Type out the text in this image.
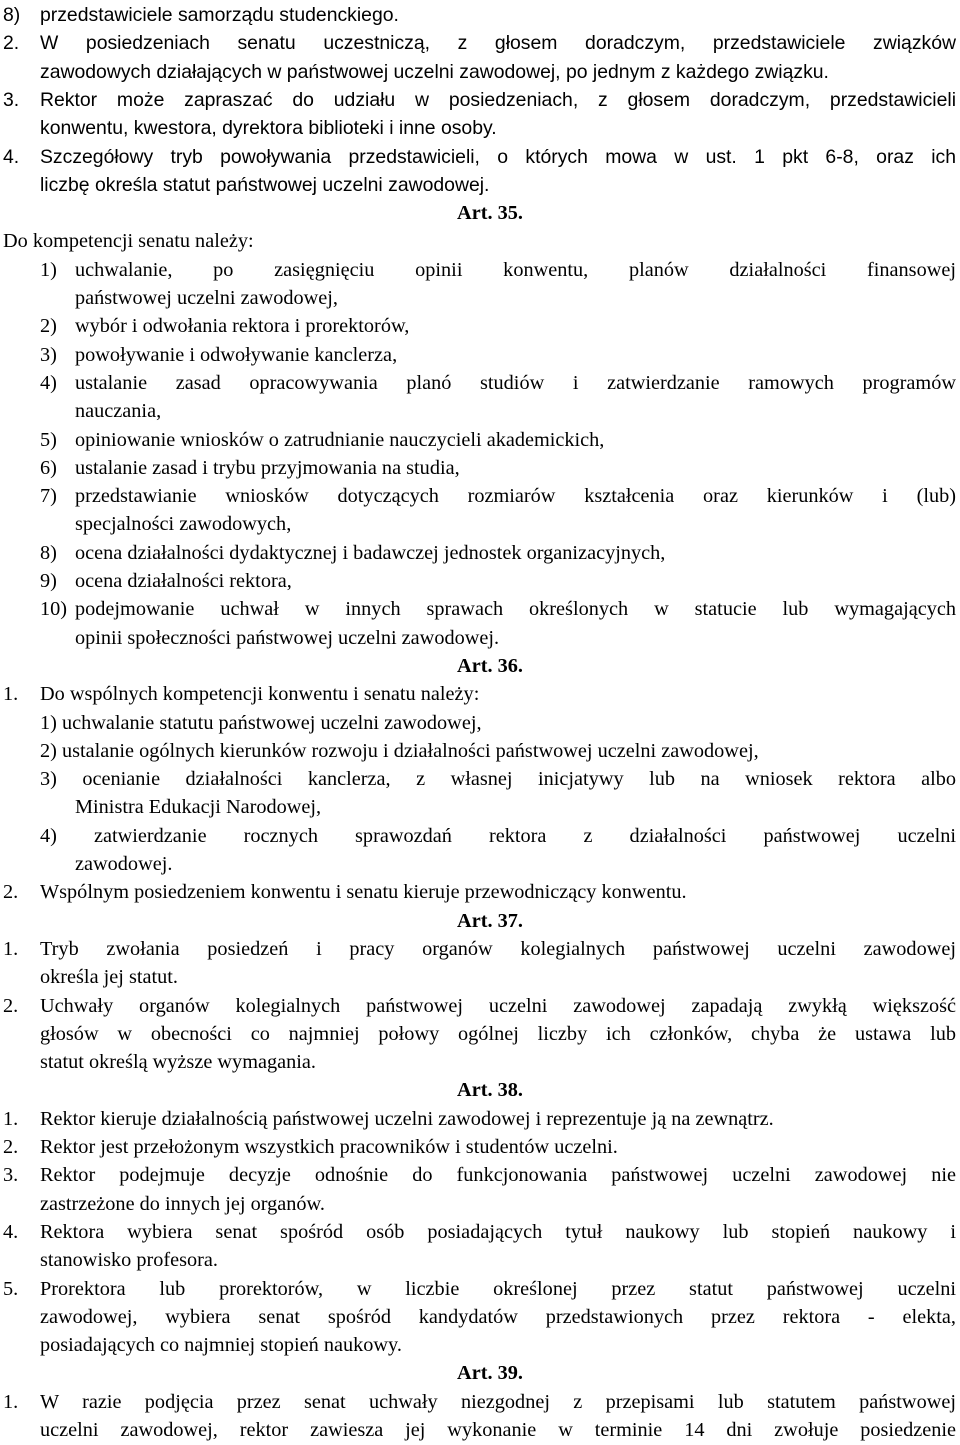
8) przedstawiciele samorządu studenckiego.
2. W posiedzeniach senatu uczestniczą, z głosem doradczym, przedstawiciele związków
zawodowych działających w państwowej uczelni zawodowej, po jednym z każdego związku.
3. Rektor może zapraszać do udziału w posiedzeniach, z głosem doradczym, przedstawicieli
konwentu, kwestora, dyrektora biblioteki i inne osoby.
4. Szczegółowy tryb powoływania przedstawicieli, o których mowa w ust. 1 pkt 6-8, oraz ich
liczbę określa statut państwowej uczelni zawodowej.
Art. 35.
Do kompetencji senatu należy:
1) uchwalanie, po zasięgnięciu opinii konwentu, planów działalności finansowej
państwowej uczelni zawodowej,
2) wybór i odwołania rektora i prorektorów,
3) powoływanie i odwoływanie kanclerza,
4) ustalanie zasad opracowywania planó studiów i zatwierdzanie ramowych programów
nauczania,
5) opiniowanie wniosków o zatrudnianie nauczycieli akademickich,
6) ustalanie zasad i trybu przyjmowania na studia,
7) przedstawianie wniosków dotyczących rozmiarów kształcenia oraz kierunków i (lub)
specjalności zawodowych,
8) ocena działalności dydaktycznej i badawczej jednostek organizacyjnych,
9) ocena działalności rektora,
10) podejmowanie uchwał w innych sprawach określonych w statucie lub wymagających
opinii społeczności państwowej uczelni zawodowej.
Art. 36.
1. Do wspólnych kompetencji konwentu i senatu należy:
1) uchwalanie statutu państwowej uczelni zawodowej,
2) ustalanie ogólnych kierunków rozwoju i działalności państwowej uczelni zawodowej,
3) ocenianie działalności kanclerza, z własnej inicjatywy lub na wniosek rektora albo
Ministra Edukacji Narodowej,
4) zatwierdzanie rocznych sprawozdań rektora z działalności państwowej uczelni
zawodowej.
2. Wspólnym posiedzeniem konwentu i senatu kieruje przewodniczący konwentu.
Art. 37.
1. Tryb zwołania posiedzeń i pracy organów kolegialnych państwowej uczelni zawodowej
określa jej statut.
2. Uchwały organów kolegialnych państwowej uczelni zawodowej zapadają zwykłą większość
głosów w obecności co najmniej połowy ogólnej liczby ich członków, chyba że ustawa lub
statut określą wyższe wymagania.
Art. 38.
1. Rektor kieruje działalnością państwowej uczelni zawodowej i reprezentuje ją na zewnątrz.
2. Rektor jest przełożonym wszystkich pracowników i studentów uczelni.
3. Rektor podejmuje decyzje odnośnie do funkcjonowania państwowej uczelni zawodowej nie
zastrzeżone do innych jej organów.
4. Rektora wybiera senat spośród osób posiadających tytuł naukowy lub stopień naukowy i
stanowisko profesora.
5. Prorektora lub prorektorów, w liczbie określonej przez statut państwowej uczelni
zawodowej, wybiera senat spośród kandydatów przedstawionych przez rektora - elekta,
posiadających co najmniej stopień naukowy.
Art. 39.
1. W razie podjęcia przez senat uchwały niezgodnej z przepisami lub statutem państwowej
uczelni zawodowej, rektor zawiesza jej wykonanie w terminie 14 dni zwołuje posiedzenie
